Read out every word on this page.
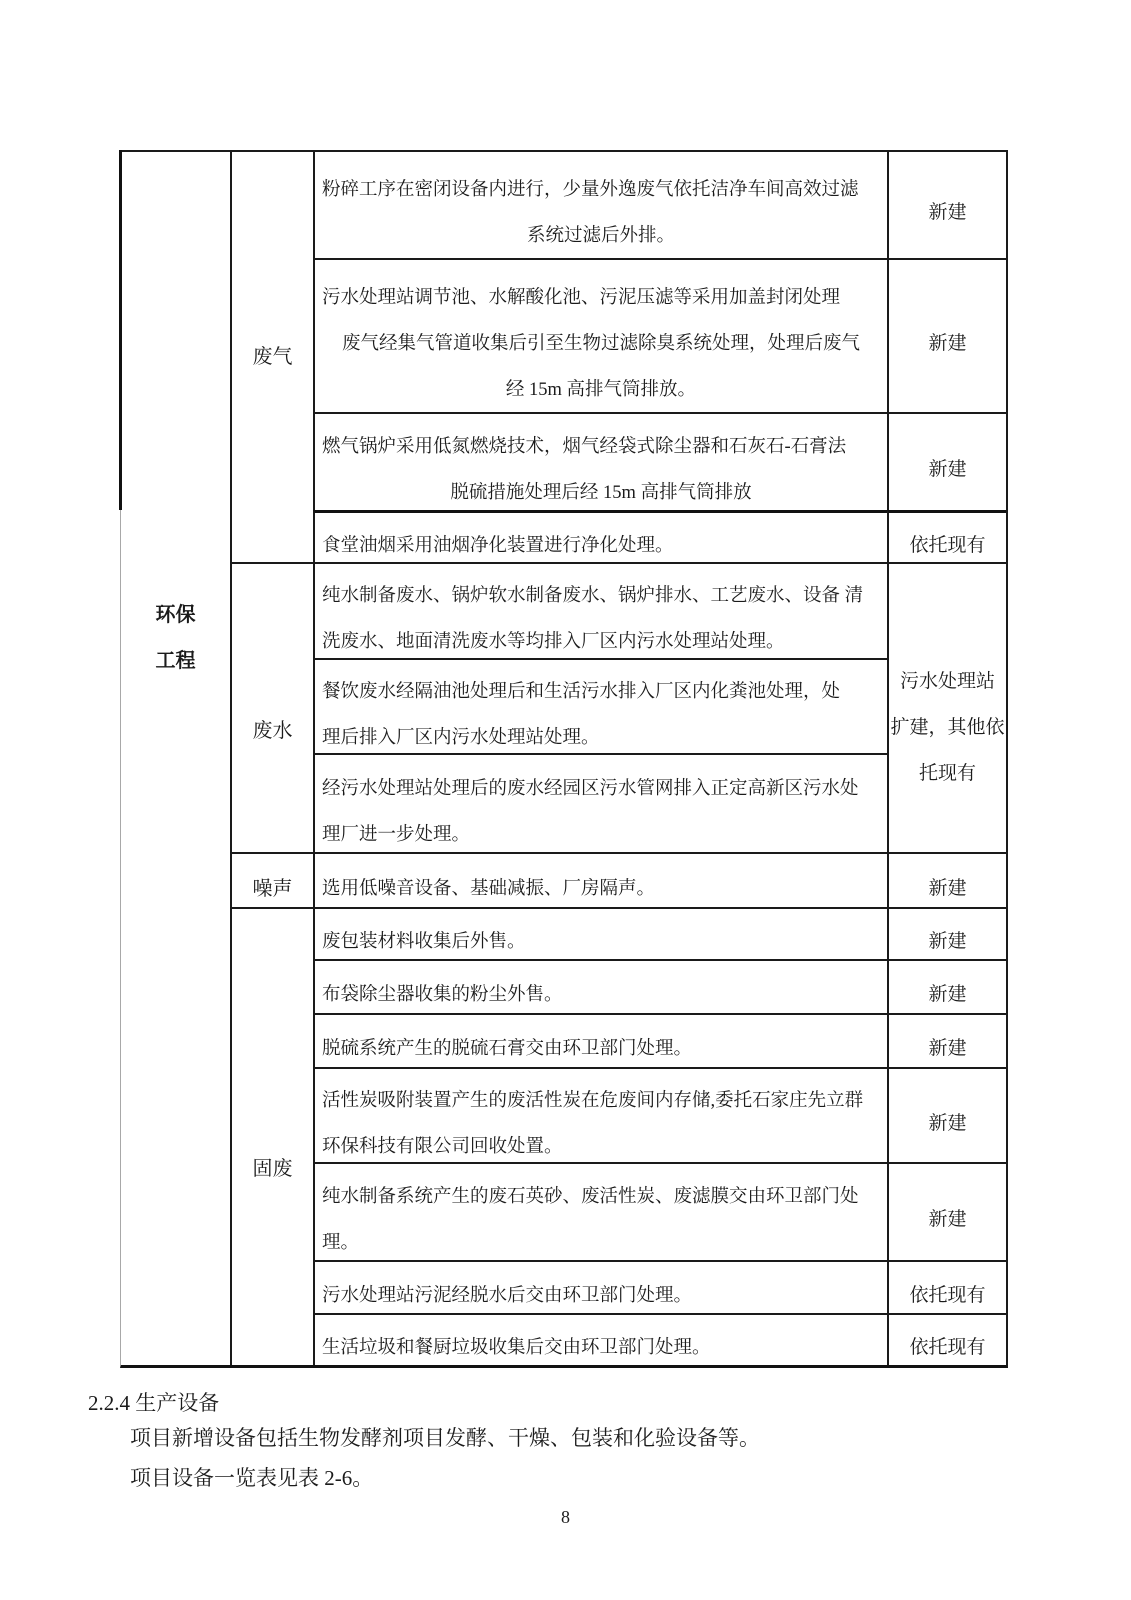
环保
工程
废气
废水
噪声
固废
粉碎工序在密闭设备内进行，少量外逸废气依托洁净车间高效过滤
系统过滤后外排。
污水处理站调节池、水解酸化池、污泥压滤等采用加盖封闭处理
废气经集气管道收集后引至生物过滤除臭系统处理，处理后废气
经 15m 高排气筒排放。
燃气锅炉采用低氮燃烧技术，烟气经袋式除尘器和石灰石-石膏法
脱硫措施处理后经 15m 高排气筒排放
食堂油烟采用油烟净化装置进行净化处理。
纯水制备废水、锅炉软水制备废水、锅炉排水、工艺废水、设备 清
洗废水、地面清洗废水等均排入厂区内污水处理站处理。
餐饮废水经隔油池处理后和生活污水排入厂区内化粪池处理，处
理后排入厂区内污水处理站处理。
经污水处理站处理后的废水经园区污水管网排入正定高新区污水处
理厂进一步处理。
选用低噪音设备、基础减振、厂房隔声。
废包装材料收集后外售。
布袋除尘器收集的粉尘外售。
脱硫系统产生的脱硫石膏交由环卫部门处理。
活性炭吸附装置产生的废活性炭在危废间内存储,委托石家庄先立群
环保科技有限公司回收处置。
纯水制备系统产生的废石英砂、废活性炭、废滤膜交由环卫部门处
理。
污水处理站污泥经脱水后交由环卫部门处理。
生活垃圾和餐厨垃圾收集后交由环卫部门处理。
新建
新建
新建
依托现有
污水处理站
扩建，其他依
托现有
新建
新建
新建
新建
新建
新建
依托现有
依托现有
2.2.4 生产设备
项目新增设备包括生物发酵剂项目发酵、干燥、包装和化验设备等。
项目设备一览表见表 2-6。
8
